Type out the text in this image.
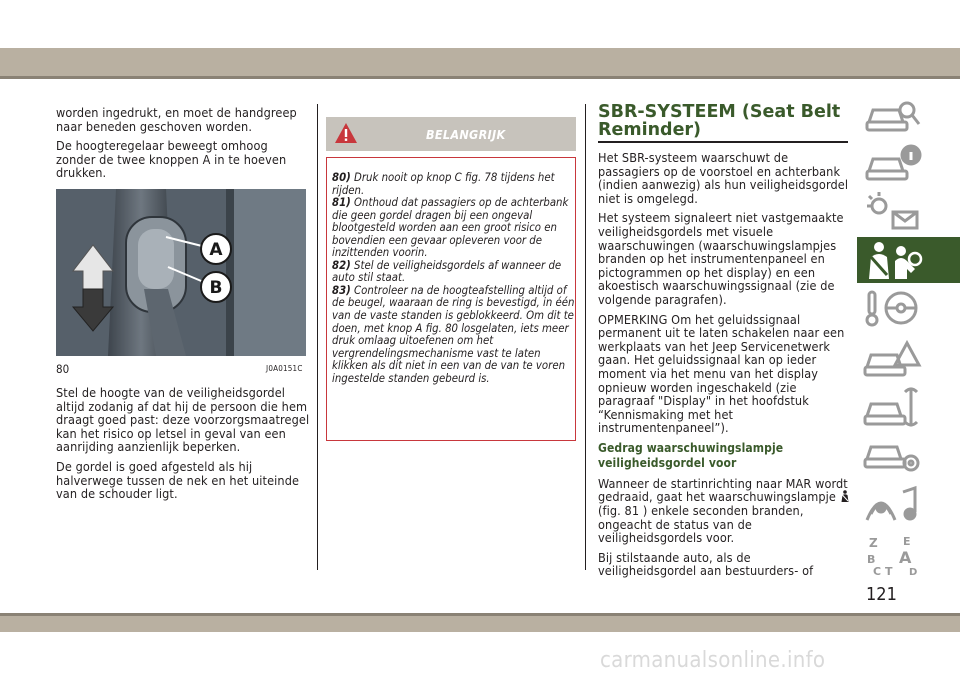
worden ingedrukt, en moet de handgreep naar beneden geschoven worden.

De hoogteregelaar beweegt omhoog zonder de twee knoppen A in te hoeven drukken.

A
B
80	J0A0151C

Stel de hoogte van de veiligheidsgordel altijd zodanig af dat hij de persoon die hem draagt goed past: deze voorzorgsmaatregel kan het risico op letsel in geval van een aanrijding aanzienlijk beperken.

De gordel is goed afgesteld als hij halverwege tussen de nek en het uiteinde van de schouder ligt.

BELANGRIJK
80) Druk nooit op knop C fig. 78 tijdens het rijden.
81) Onthoud dat passagiers op de achterbank die geen gordel dragen bij een ongeval blootgesteld worden aan een groot risico en bovendien een gevaar opleveren voor de inzittenden voorin.
82) Stel de veiligheidsgordels af wanneer de auto stil staat.
83) Controleer na de hoogteafstelling altijd of de beugel, waaraan de ring is bevestigd, in één van de vaste standen is geblokkeerd. Om dit te doen, met knop A fig. 80 losgelaten, iets meer druk omlaag uitoefenen om het vergrendelingsmechanisme vast te laten klikken als dit niet in een van de van te voren ingestelde standen gebeurd is.
SBR-SYSTEEM (Seat Belt Reminder)

Het SBR-systeem waarschuwt de passagiers op de voorstoel en achterbank (indien aanwezig) als hun veiligheidsgordel niet is omgelegd.

Het systeem signaleert niet vastgemaakte veiligheidsgordels met visuele waarschuwingen (waarschuwingslampjes branden op het instrumentenpaneel en pictogrammen op het display) en een akoestisch waarschuwingssignaal (zie de volgende paragrafen).

OPMERKING Om het geluidssignaal permanent uit te laten schakelen naar een werkplaats van het Jeep Servicenetwerk gaan. Het geluidssignaal kan op ieder moment via het menu van het display opnieuw worden ingeschakeld (zie paragraaf "Display" in het hoofdstuk “Kennismaking met het instrumentenpaneel”).

Gedrag waarschuwingslampje veiligheidsgordel voor

Wanneer de startinrichting naar MAR wordt gedraaid, gaat het waarschuwingslampje  (fig. 81 ) enkele seconden branden, ongeacht de status van de veiligheidsgordels voor.

Bij stilstaande auto, als de veiligheidsgordel aan bestuurders- of

Z E
B A
C T D
121
carmanualsonline.info
